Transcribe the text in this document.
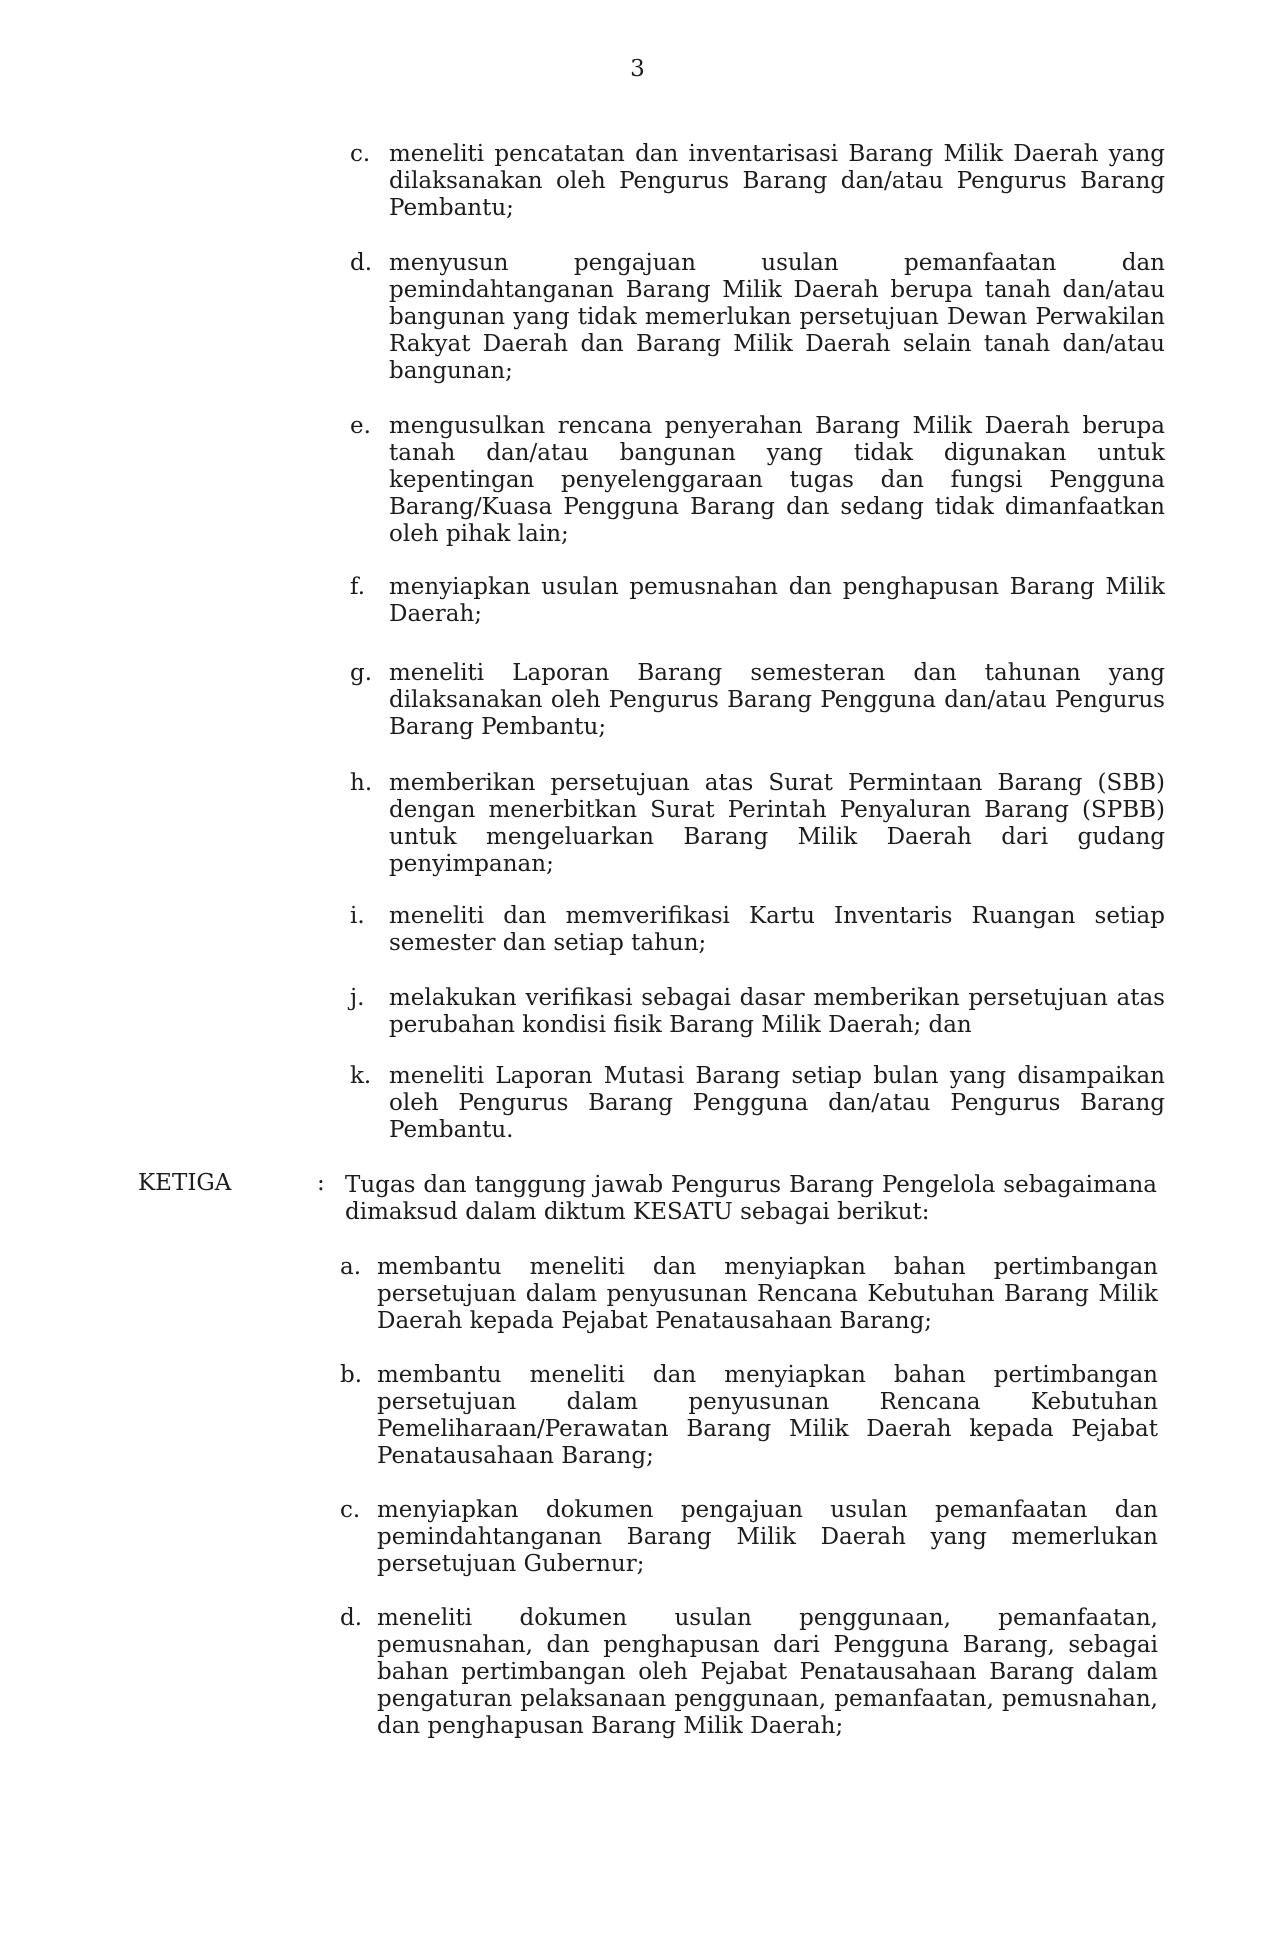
3
c. meneliti pencatatan dan inventarisasi Barang Milik Daerah yang dilaksanakan oleh Pengurus Barang dan/atau Pengurus Barang Pembantu;
d. menyusun pengajuan usulan pemanfaatan dan pemindahtanganan Barang Milik Daerah berupa tanah dan/atau bangunan yang tidak memerlukan persetujuan Dewan Perwakilan Rakyat Daerah dan Barang Milik Daerah selain tanah dan/atau bangunan;
e. mengusulkan rencana penyerahan Barang Milik Daerah berupa tanah dan/atau bangunan yang tidak digunakan untuk kepentingan penyelenggaraan tugas dan fungsi Pengguna Barang/Kuasa Pengguna Barang dan sedang tidak dimanfaatkan oleh pihak lain;
f. menyiapkan usulan pemusnahan dan penghapusan Barang Milik Daerah;
g. meneliti Laporan Barang semesteran dan tahunan yang dilaksanakan oleh Pengurus Barang Pengguna dan/atau Pengurus Barang Pembantu;
h. memberikan persetujuan atas Surat Permintaan Barang (SBB) dengan menerbitkan Surat Perintah Penyaluran Barang (SPBB) untuk mengeluarkan Barang Milik Daerah dari gudang penyimpanan;
i. meneliti dan memverifikasi Kartu Inventaris Ruangan setiap semester dan setiap tahun;
j. melakukan verifikasi sebagai dasar memberikan persetujuan atas perubahan kondisi fisik Barang Milik Daerah; dan
k. meneliti Laporan Mutasi Barang setiap bulan yang disampaikan oleh Pengurus Barang Pengguna dan/atau Pengurus Barang Pembantu.
KETIGA	: Tugas dan tanggung jawab Pengurus Barang Pengelola sebagaimana dimaksud dalam diktum KESATU sebagai berikut:
a. membantu meneliti dan menyiapkan bahan pertimbangan persetujuan dalam penyusunan Rencana Kebutuhan Barang Milik Daerah kepada Pejabat Penatausahaan Barang;
b. membantu meneliti dan menyiapkan bahan pertimbangan persetujuan dalam penyusunan Rencana Kebutuhan Pemeliharaan/Perawatan Barang Milik Daerah kepada Pejabat Penatausahaan Barang;
c. menyiapkan dokumen pengajuan usulan pemanfaatan dan pemindahtanganan Barang Milik Daerah yang memerlukan persetujuan Gubernur;
d. meneliti dokumen usulan penggunaan, pemanfaatan, pemusnahan, dan penghapusan dari Pengguna Barang, sebagai bahan pertimbangan oleh Pejabat Penatausahaan Barang dalam pengaturan pelaksanaan penggunaan, pemanfaatan, pemusnahan, dan penghapusan Barang Milik Daerah;
